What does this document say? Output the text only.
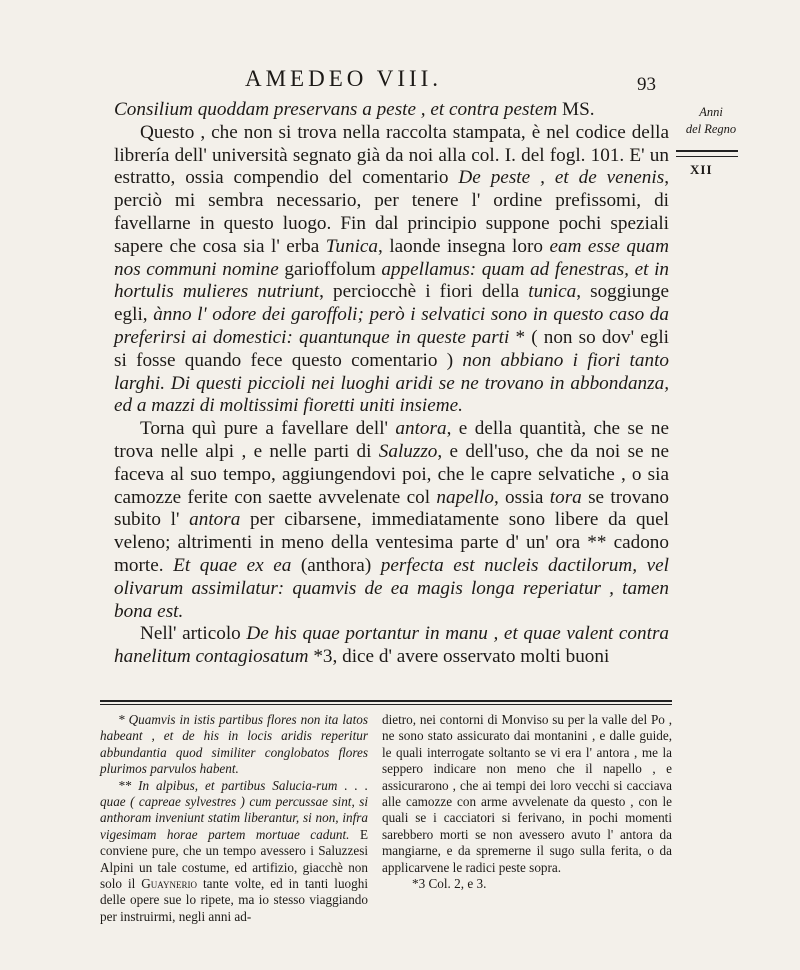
AMEDEO VIII.	93
Anni
del Regno
XII

Consilium quoddam preservans a peste , et contra pestem MS.

Questo , che non si trova nella raccolta stampata, è nel codice della librería dell' università segnato già da noi alla col. I. del fogl. 101. E' un estratto, ossia compendio del comentario De peste , et de venenis, perciò mi sembra necessario, per tenere l' ordine prefissomi, di favellarne in questo luogo. Fin dal principio suppone pochi speziali sapere che cosa sia l' erba Tunica, laonde insegna loro eam esse quam nos communi nomine garioffolum appellamus: quam ad fenestras, et in hortulis mulieres nutriunt, perciocchè i fiori della tunica, soggiunge egli, ànno l' odore dei garoffoli; però i selvatici sono in questo caso da preferirsi ai domestici: quantunque in queste parti * ( non so dov' egli si fosse quando fece questo comentario ) non abbiano i fiori tanto larghi. Di questi piccioli nei luoghi aridi se ne trovano in abbondanza, ed a mazzi di moltissimi fioretti uniti insieme.

Torna quì pure a favellare dell' antora, e della quantità, che se ne trova nelle alpi , e nelle parti di Saluzzo, e dell'uso, che da noi se ne faceva al suo tempo, aggiungendovi poi, che le capre selvatiche , o sia camozze ferite con saette avvelenate col napello, ossia tora se trovano subito l' antora per cibarsene, immediatamente sono libere da quel veleno; altrimenti in meno della ventesima parte d' un' ora ** cadono morte. Et quae ex ea (anthora) perfecta est nucleis dactilorum, vel olivarum assimilatur: quamvis de ea magis longa reperiatur , tamen bona est.

Nell' articolo De his quae portantur in manu , et quae valent contra hanelitum contagiosatum *3, dice d' avere osservato molti buoni

* Quamvis in istis partibus flores non ita latos habeant , et de his in locis aridis reperitur abbundantia quod similiter conglobatos flores plurimos parvulos habent.

** In alpibus, et partibus Salucia-rum . . . quae ( capreae sylvestres ) cum percussae sint, si anthoram inveniunt statim liberantur, si non, infra vigesimam horae partem mortuae cadunt. E conviene pure, che un tempo avessero i Saluzzesi Alpini un tale costume, ed artifizio, giacchè non solo il Guaynerio tante volte, ed in tanti luoghi delle opere sue lo ripete, ma io stesso viaggiando per instruirmi, negli anni ad-

dietro, nei contorni di Monviso su per la valle del Po , ne sono stato assicurato dai montanini , e dalle guide, le quali interrogate soltanto se vi era l' antora , me la seppero indicare non meno che il napello , e assicurarono , che ai tempi dei loro vecchi si cacciava alle camozze con arme avvelenate da questo , con le quali se i cacciatori si ferivano, in pochi momenti sarebbero morti se non avessero avuto l' antora da mangiarne, e da spremerne il sugo sulla ferita, o da applicarvene le radici peste sopra.

*3 Col. 2, e 3.
